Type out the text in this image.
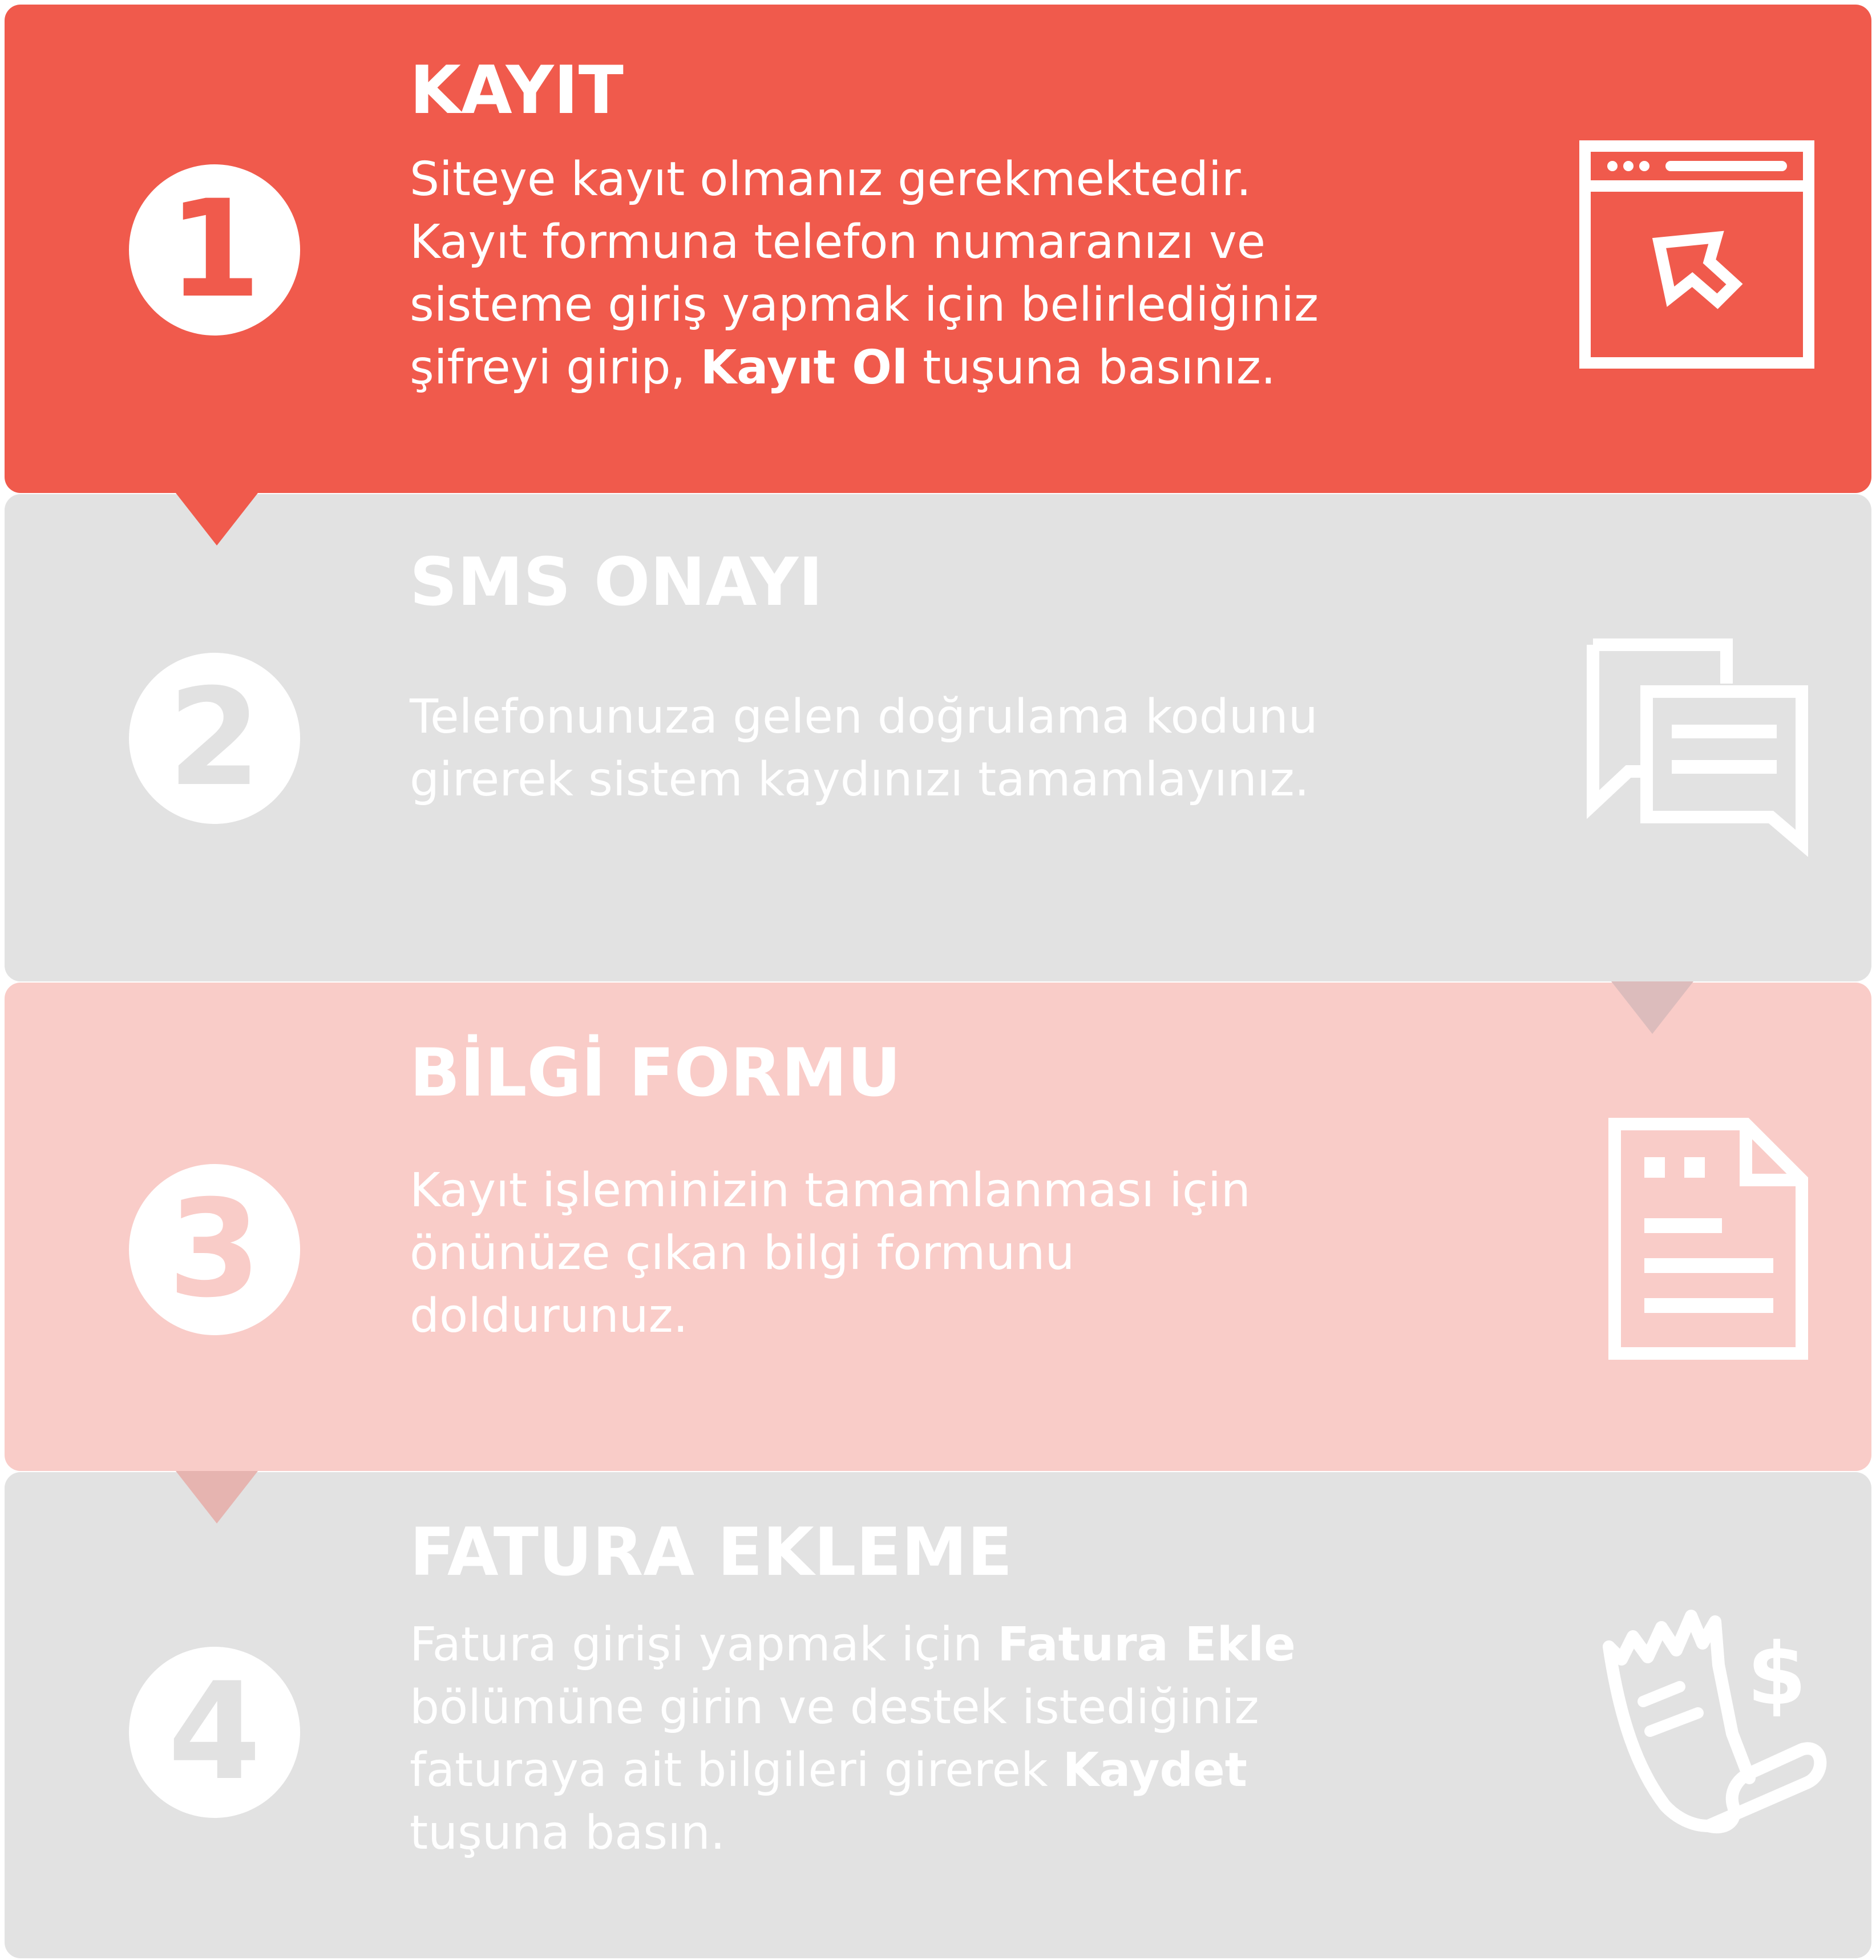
1
KAYIT

Siteye kayıt olmanız gerekmektedir.
Kayıt formuna telefon numaranızı ve
sisteme giriş yapmak için belirlediğiniz
şifreyi girip, Kayıt Ol tuşuna basınız.

2
SMS ONAYI

Telefonunuza gelen doğrulama kodunu
girerek sistem kaydınızı tamamlayınız.

3
BİLGİ FORMU

Kayıt işleminizin tamamlanması için
önünüze çıkan bilgi formunu
doldurunuz.

4
FATURA EKLEME

Fatura girişi yapmak için Fatura Ekle
bölümüne girin ve destek istediğiniz
faturaya ait bilgileri girerek Kaydet
tuşuna basın.

$
